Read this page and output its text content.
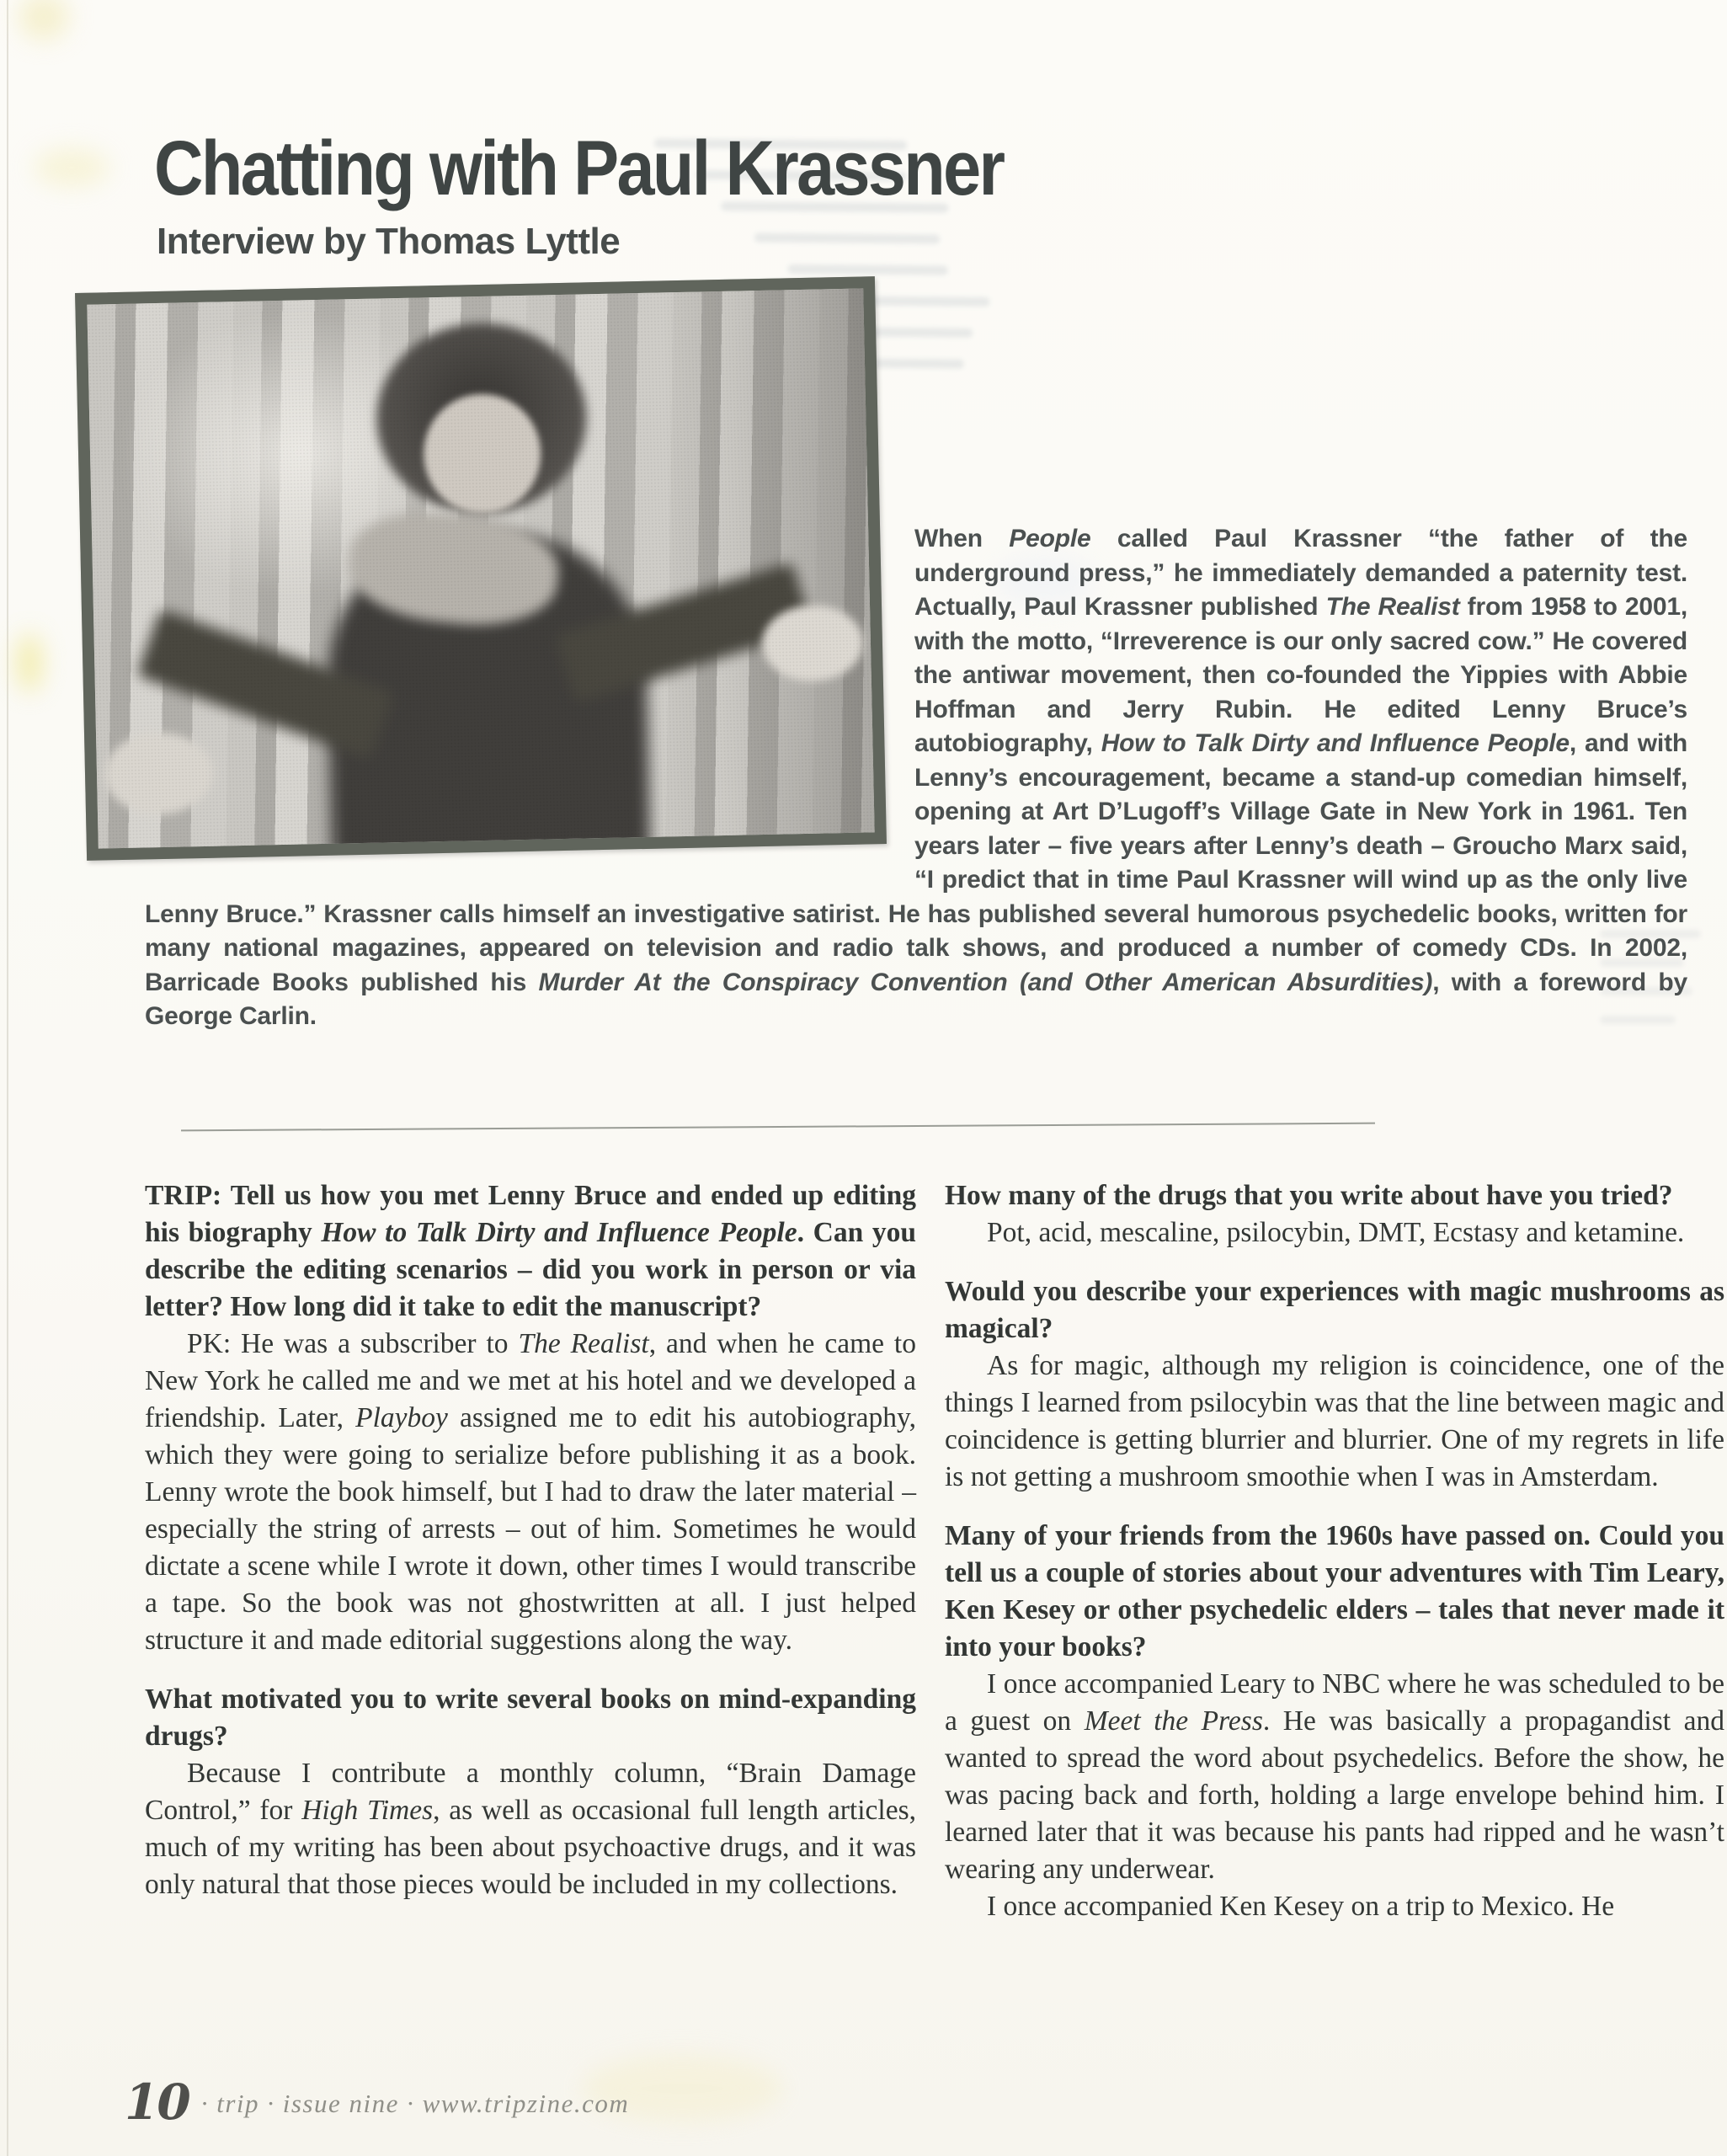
Chatting with Paul Krassner
Interview by Thomas Lyttle
When People called Paul Krassner “the father of the underground press,” he immediately demanded a paternity test. Actually, Paul Krassner published The Realist from 1958 to 2001, with the motto, “Irreverence is our only sacred cow.” He covered the antiwar movement, then co-founded the Yippies with Abbie Hoffman and Jerry Rubin. He edited Lenny Bruce’s autobiography, How to Talk Dirty and Influence People, and with Lenny’s encouragement, became a stand-up comedian himself, opening at Art D’Lugoff’s Village Gate in New York in 1961. Ten years later – five years after Lenny’s death – Groucho Marx said, “I predict that in time Paul Krassner will wind up as the only live Lenny Bruce.” Krassner calls himself an investigative satirist. He has published several humorous psychedelic books, written for many national magazines, appeared on television and radio talk shows, and produced a number of comedy CDs. In 2002, Barricade Books published his Murder At the Conspiracy Convention (and Other American Absurdities), with a foreword by George Carlin.

TRIP: Tell us how you met Lenny Bruce and ended up editing his biography How to Talk Dirty and Influence People. Can you describe the editing scenarios – did you work in person or via letter? How long did it take to edit the manuscript?

PK: He was a subscriber to The Realist, and when he came to New York he called me and we met at his hotel and we developed a friendship. Later, Playboy assigned me to edit his autobiography, which they were going to serialize before publishing it as a book. Lenny wrote the book himself, but I had to draw the later material – especially the string of arrests – out of him. Sometimes he would dictate a scene while I wrote it down, other times I would transcribe a tape. So the book was not ghostwritten at all. I just helped structure it and made editorial suggestions along the way.

What motivated you to write several books on mind-expanding drugs?

Because I contribute a monthly column, “Brain Damage Control,” for High Times, as well as occasional full length articles, much of my writing has been about psychoactive drugs, and it was only natural that those pieces would be included in my collections.

How many of the drugs that you write about have you tried?

Pot, acid, mescaline, psilocybin, DMT, Ecstasy and ketamine.

Would you describe your experiences with magic mushrooms as magical?

As for magic, although my religion is coincidence, one of the things I learned from psilocybin was that the line between magic and coincidence is getting blurrier and blurrier. One of my regrets in life is not getting a mushroom smoothie when I was in Amsterdam.

Many of your friends from the 1960s have passed on. Could you tell us a couple of stories about your adventures with Tim Leary, Ken Kesey or other psychedelic elders – tales that never made it into your books?

I once accompanied Leary to NBC where he was scheduled to be a guest on Meet the Press. He was basically a propagandist and wanted to spread the word about psychedelics. Before the show, he was pacing back and forth, holding a large envelope behind him. I learned later that it was because his pants had ripped and he wasn’t wearing any underwear.

I once accompanied Ken Kesey on a trip to Mexico. He

10 · trip · issue nine · www.tripzine.com
